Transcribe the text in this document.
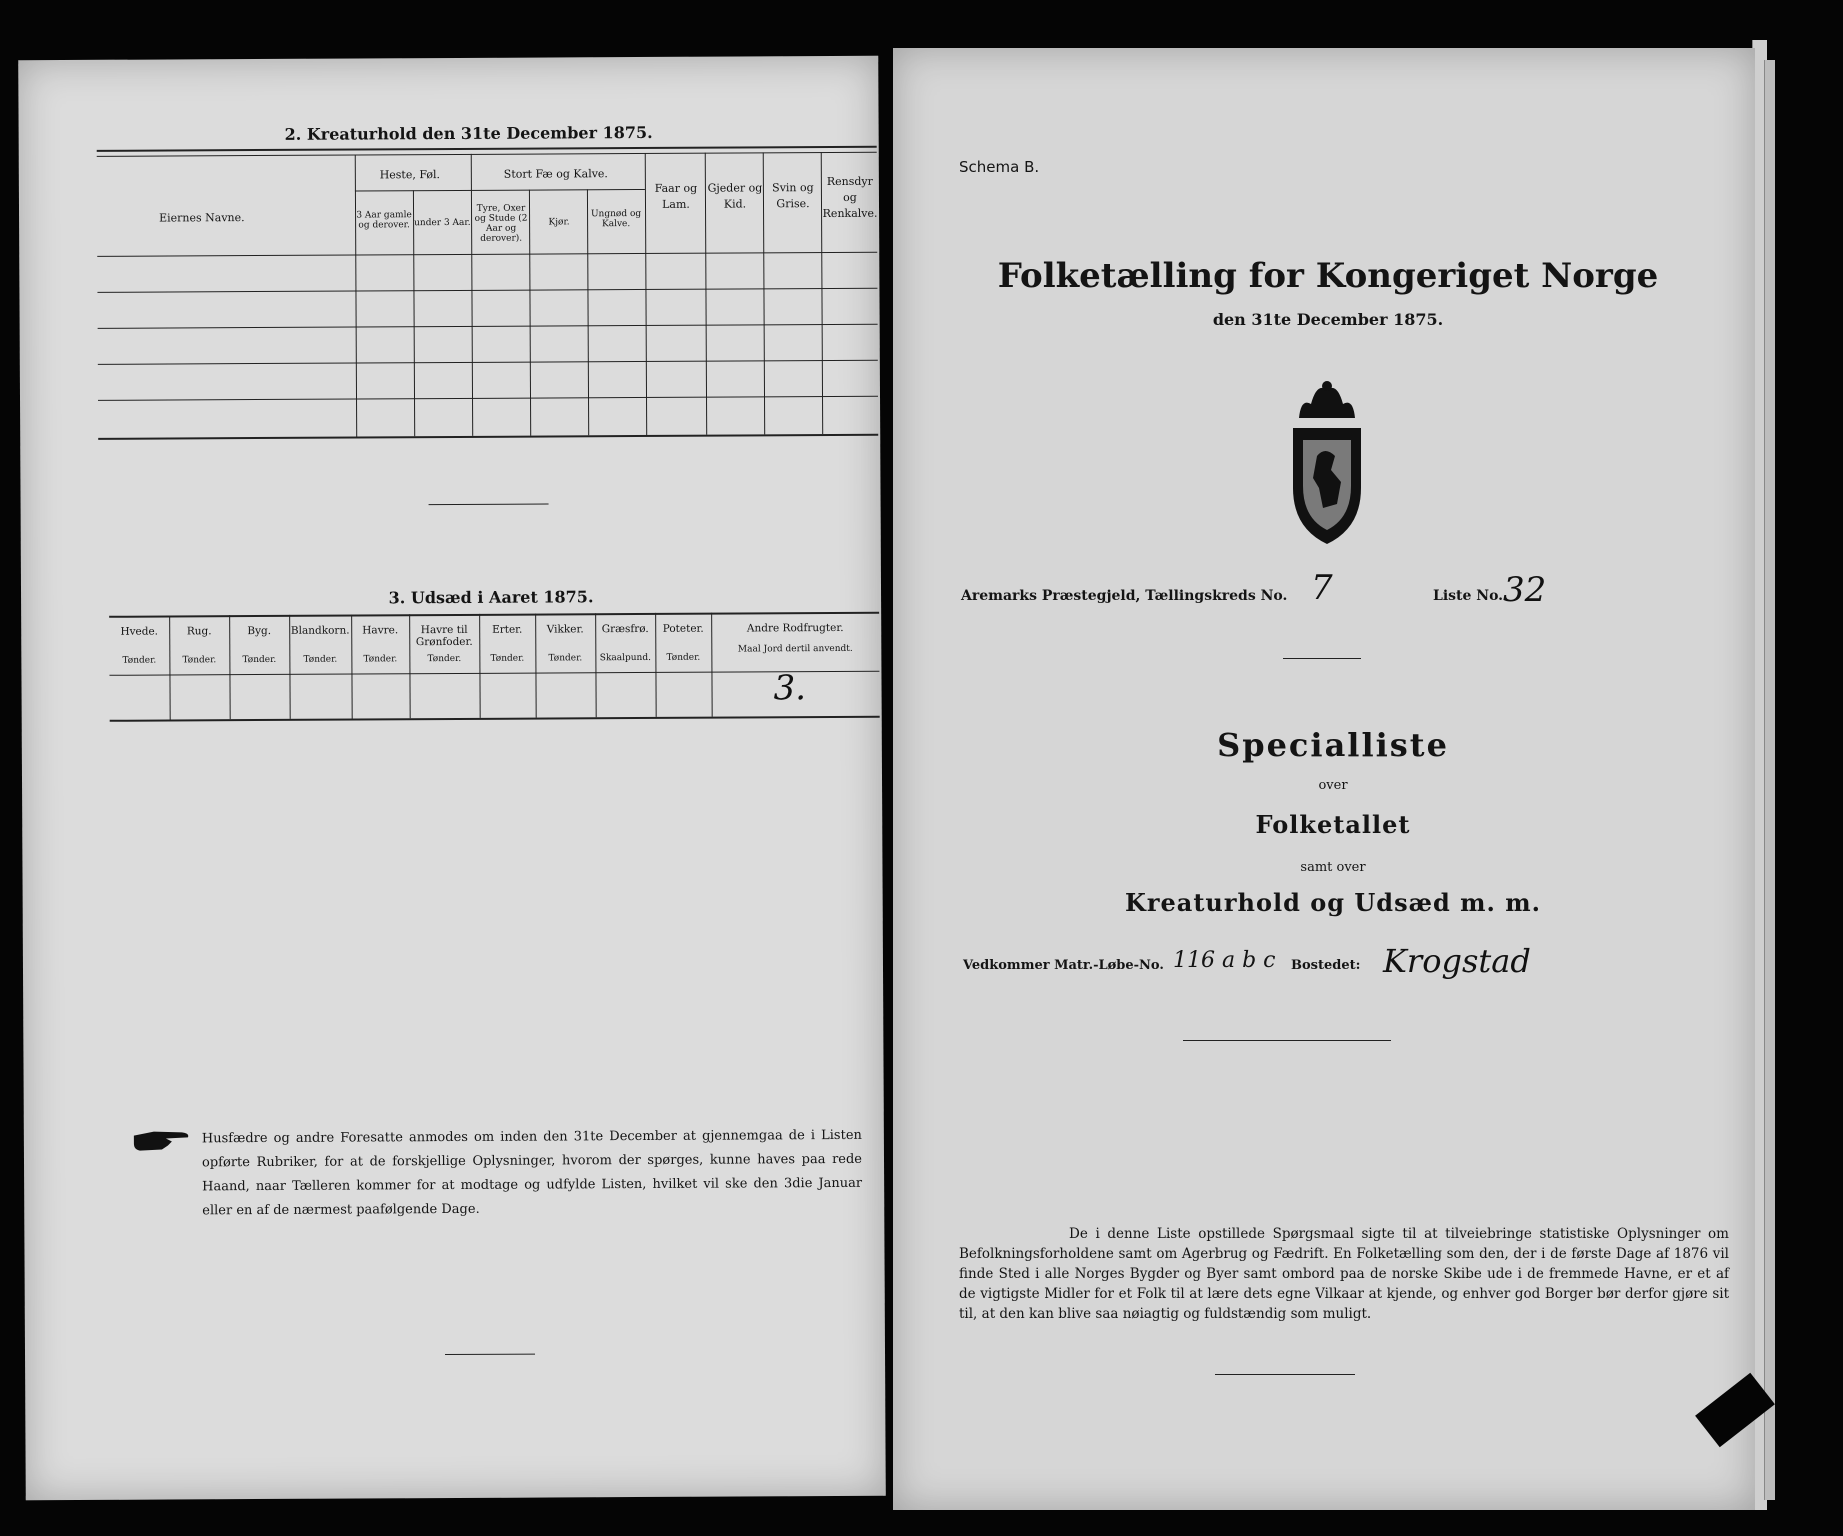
2. Kreaturhold den 31te December 1875.
Eiernes Navne.
Heste, Føl.	Stort Fæ og Kalve.
3 Aar gamle og derover. under 3 Aar.
Tyre, Oxer og Stude (2 Aar og derover).
Kjør.
Ungnød og Kalve.
Faar og Lam.
Gjeder og Kid.
Svin og Grise.
Rensdyr og Renkalve.
3. Udsæd i Aaret 1875.
Hvede.
Tønder.
Rug.
Tønder.
Byg.
Tønder.
Blandkorn.
Tønder.
Havre.
Tønder.
Havre til Grønfoder.
Tønder.
Erter.
Tønder.
Vikker.
Tønder.
Græsfrø.
Skaalpund.
Poteter.
Tønder.
Andre Rodfrugter.
Maal Jord dertil anvendt.
3.
Husfædre og andre Foresatte anmodes om inden den 31te December at gjennemgaa de i Listen opførte Rubriker, for at de forskjellige Oplysninger, hvorom der spørges, kunne haves paa rede Haand, naar Tælleren kommer for at modtage og udfylde Listen, hvilket vil ske den 3die Januar eller en af de nærmest paafølgende Dage.
Schema B.
Folketælling for Kongeriget Norge
den 31te December 1875.
Aremarks Præstegjeld, Tællingskreds No. 7	Liste No. 32
Specialliste
over
Folketallet
samt over
Kreaturhold og Udsæd m. m.
Vedkommer Matr.-Løbe-No. 116 a b c Bostedet: Krogstad
De i denne Liste opstillede Spørgsmaal sigte til at tilveiebringe statistiske Oplysninger om Befolkningsforholdene samt om Agerbrug og Fædrift. En Folketælling som den, der i de første Dage af 1876 vil finde Sted i alle Norges Bygder og Byer samt ombord paa de norske Skibe ude i de fremmede Havne, er et af de vigtigste Midler for et Folk til at lære dets egne Vilkaar at kjende, og enhver god Borger bør derfor gjøre sit til, at den kan blive saa nøiagtig og fuldstændig som muligt.
